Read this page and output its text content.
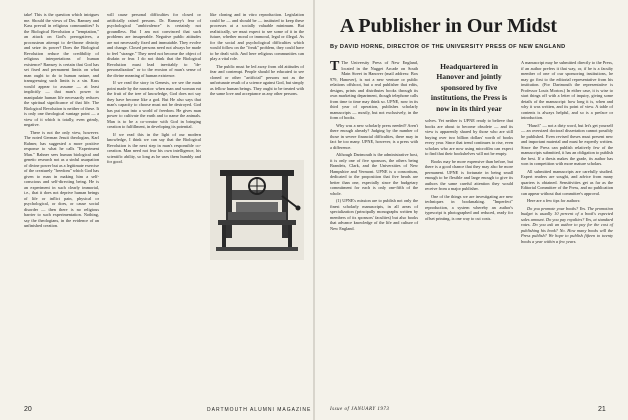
take! This is the question which intrigues me. Should the views of Drs. Ramsey and Kass prevail in religious communities? Is the Biological Revolution a "temptation," an attack on God's prerogatives, a procrustean attempt to de-throne divinity and seize its power? Does the Biological Revolution reduce the credibility of religious interpretations of human existence? Ramsey is certain that God has set fixed and permanent limits on what man ought to do to human nature, and transgressing such limits is a sin. Kass would appear to assume — at least implicitly — that man's power to manipulate human life necessarily reduces the spiritual significance of that life. The Biological Revolution is neither of these. It is only one theological vantage point — a view of it which is totally, even grimly, negative.

There is not the only view, however. The noted German Jesuit theologian, Karl Rahner, has suggested a more positive response to what he calls "Experiment Man." Rahner sees human biological and genetic research not as a sinful usurpation of divine power but as a legitimate exercise of the creaturely "freedom" which God has given to man in making him a self-conscious and self-directing being. He is an experiment in such clearly immortal, i.e., that it does not deprive human beings of life or inflict pain, physical or psychological, or does, or cause social disorder — then there is no religious barrier to such experimentation. Nothing, say the theologians, in the evidence of an unfinished creation.

will cause personal difficulties for closed or artificially raised persons. Dr. Ramsey's fear of psychological "ambivalence" is certainly not groundless. But I am not convinced that such problems are insuperable. Negative public attitudes are not necessarily fixed and immutable. They evolve and change. Closed persons need not always be made to feel "strange." They need not become the object of disdain or fear. I do not think that the Biological Revolution must lead inevitably to "de-personalization" or to the erosion of man's sense of the divine meaning of human existence.

If we read the story in Genesis, we see the main point made by the narrator: when man and woman eat the fruit of the tree of knowledge, God does not say they have become like a god. But He also says that man's capacity to choose must not be destroyed. God has put man into a world of freedom. He gives man power to cultivate the earth and to name the animals. Man is to be a co-creator with God in bringing creation to fulfillment, in developing its potential.

If we read this in the light of our modern knowledge, I think we can say that the Biological Revolution is the next step in man's responsible co-creation. Man need not fear his own intelligence, his scientific ability, so long as he uses them humbly and for good.

like cloning and in vitro reproduction. Legislation could be — and should be — instituted to keep these processes at a socially valuable minimum. But realistically, we must expect to see some of it in the future, whether moral or immoral, legal or illegal. As for the social and psychological difficulties which would follow on the "freak" problem, they could have to be dealt with. And here religious communities can play a vital role.

The public must be led away from old attitudes of fear and contempt. People should be educated to see cloned or other "artificial" persons not as the unfortunate result of a science against God, but simply as fellow human beings. They ought to be treated with the same love and acceptance as any other persons.

20	DARTMOUTH ALUMNI MAGAZINE
A Publisher in Our Midst
By DAVID HORNE, DIRECTOR OF THE UNIVERSITY PRESS OF NEW ENGLAND

T The University Press of New England, located in the Nugget Arcade on South Main Street in Hanover (mail address: Box 979, Hanover), is not a new venture or public relations offshoot, but a real publisher that edits, designs, prints and distributes books through its own marketing department, though telephone calls from time to time may think so. UPNE, now in its third year of operation, publishes scholarly manuscripts — mostly, but not exclusively, in the form of books.

Why was a new scholarly press needed? Aren't there enough already? Judging by the number of those in severe financial difficulties, there may in fact be too many. UPNE, however, is a press with a difference.

Although Dartmouth is the administrative host, it is only one of five sponsors, the others being Brandeis, Clark, and the Universities of New Hampshire and Vermont. UPNE is a consortium, dedicated to the proposition that five heads are better than one, especially since the budgetary commitment for each is only one-fifth of the whole.

(1) UPNE's mission are to publish not only the finest scholarly manuscripts, in all areas of specialization (principally monographs written by members of its sponsors' faculties) but also books that advance knowledge of the life and culture of New England.

Headquartered in Hanover and jointly sponsored by five institutions, the Press is now in its third year

solves. Yet neither is UPNE ready to believe that books are about to become obsolete — and its view is apparently shared by those who are still buying over two billion dollars' worth of books every year. Since that trend continues to rise, even scholars who are now using microfilm can expect to find that their bookshelves will not be empty.

Books may be more expensive than before, but there is a good chance that they may also be more permanent. UPNE is fortunate in being small enough to be flexible and large enough to give its authors the same careful attention they would receive from a major publisher.

One of the things we are investigating are new techniques in bookmaking. "Imperfect" reproduction, a system whereby an author's typescript is photographed and reduced, ready for offset printing, is one way to cut costs.

A manuscript may be submitted directly to the Press, if an author prefers it that way, or, if he is a faculty member of one of our sponsoring institutions, he may go first to the editorial representative from his institution. (For Dartmouth the representative is Professor Louis Morton.) In either case, it is wise to start things off with a letter of inquiry, giving some details of the manuscript: how long it is, when and why it was written, and its point of view. A table of contents is always helpful, and so is a preface or introduction.

"Hasn't" — not a dirty word, but let's get yourself — an oversized doctoral dissertation cannot possibly be published. Even revised theses must present new and important material and must be expertly written. Since the Press can publish relatively few of the manuscripts submitted, it has an obligation to publish the best. If a thesis makes the grade, its author has won in competition with more mature scholars.

All submitted manuscripts are carefully studied. Expert readers are sought, and advice from many quarters is obtained. Sensitivities get as far as the Editorial Committee of the Press, and no publication can appear without that committee's approval.

Here are a few tips for authors:

Do you promote your books? Yes. The promotion budget is usually 10 percent of a book's expected sales amount. Do you pay royalties? Yes, at standard rates. Do you ask an author to pay for the cost of publishing his book? No. How many books will the Press publish? We hope to publish fifteen to twenty books a year within a few years.

Issue of JANUARY 1973	21
